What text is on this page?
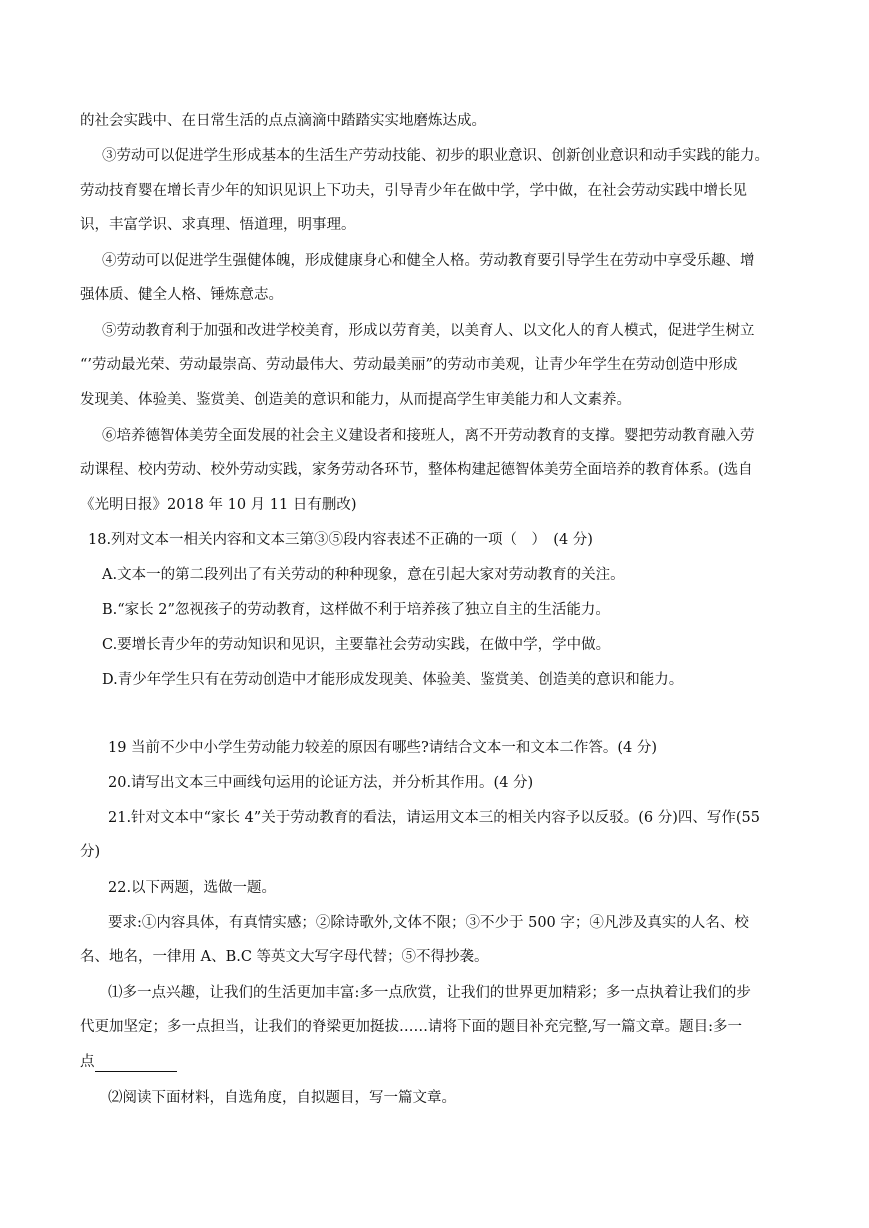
的社会实践中、在日常生活的点点滴滴中踏踏实实地磨炼达成。
③劳动可以促进学生形成基本的生活生产劳动技能、初步的职业意识、创新创业意识和动手实践的能力。
劳动技育婴在增长青少年的知识见识上下功夫，引导青少年在做中学，学中做，在社会劳动实践中增长见
识，丰富学识、求真理、悟道理，明事理。
④劳动可以促进学生强健体魄，形成健康身心和健全人格。劳动教育要引导学生在劳动中享受乐趣、增
强体质、健全人格、锤炼意志。
⑤劳动教育利于加强和改进学校美育，形成以劳育美，以美育人、以文化人的育人模式，促进学生树立
“’劳动最光荣、劳动最崇高、劳动最伟大、劳动最美丽”的劳动市美观，让青少年学生在劳动创造中形成
发现美、体验美、鉴赏美、创造美的意识和能力，从而提高学生审美能力和人文素养。
⑥培养德智体美劳全面发展的社会主义建设者和接班人，离不开劳动教育的支撑。婴把劳动教育融入劳
动课程、校内劳动、校外劳动实践，家务劳动各环节，整体构建起德智体美劳全面培养的教育体系。(选自
《光明日报》2018 年 10 月 11 日有删改)
18.列对文本一相关内容和文本三第③⑤段内容表述不正确的一项（　）　(4 分)
A.文本一的第二段列出了有关劳动的种种现象，意在引起大家对劳动教育的关注。
B.“家长 2”忽视孩子的劳动教育，这样做不利于培养孩了独立自主的生活能力。
C.要增长青少年的劳动知识和见识，主要靠社会劳动实践，在做中学，学中做。
D.青少年学生只有在劳动创造中才能形成发现美、体验美、鉴赏美、创造美的意识和能力。
19 当前不少中小学生劳动能力较差的原因有哪些?请结合文本一和文本二作答。(4 分)
20.请写出文本三中画线句运用的论证方法，并分析其作用。(4 分)
21.针对文本中“家长 4”关于劳动教育的看法，请运用文本三的相关内容予以反驳。(6 分)四、写作(55
分)
22.以下两题，选做一题。
要求:①内容具体，有真情实感；②除诗歌外,文体不限；③不少于 500 字；④凡涉及真实的人名、校
名、地名，一律用 A、B.C 等英文大写字母代替；⑤不得抄袭。
⑴多一点兴趣，让我们的生活更加丰富:多一点欣赏，让我们的世界更加精彩；多一点执着让我们的步
代更加坚定；多一点担当，让我们的脊梁更加挺拔……请将下面的题目补充完整,写一篇文章。题目:多一
点
⑵阅读下面材料，自选角度，自拟题目，写一篇文章。
